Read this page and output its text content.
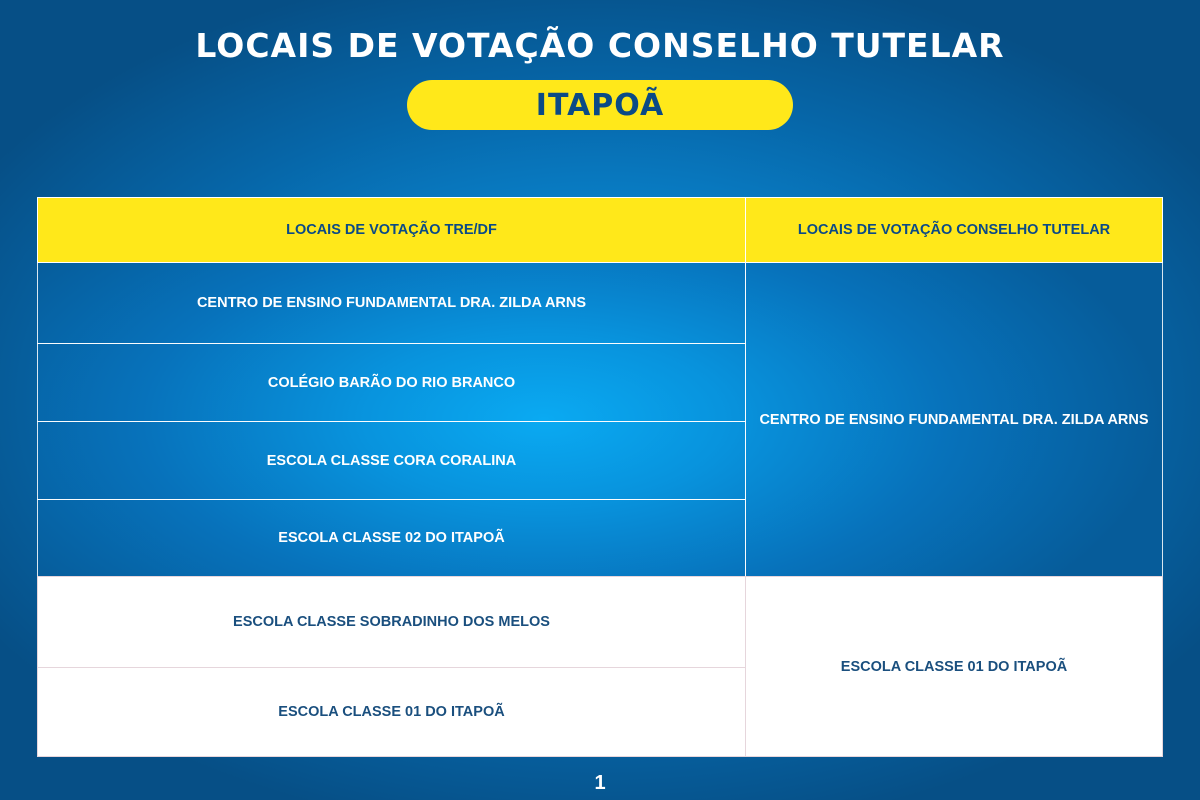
LOCAIS DE VOTAÇÃO CONSELHO TUTELAR
ITAPOÃ
LOCAIS DE VOTAÇÃO TRE/DF	LOCAIS DE VOTAÇÃO CONSELHO TUTELAR
CENTRO DE ENSINO FUNDAMENTAL DRA. ZILDA ARNS
COLÉGIO BARÃO DO RIO BRANCO
ESCOLA CLASSE CORA CORALINA
ESCOLA CLASSE 02 DO ITAPOÃ
CENTRO DE ENSINO FUNDAMENTAL DRA. ZILDA ARNS
ESCOLA CLASSE SOBRADINHO DOS MELOS
ESCOLA CLASSE 01 DO ITAPOÃ
ESCOLA CLASSE 01 DO ITAPOÃ
1
